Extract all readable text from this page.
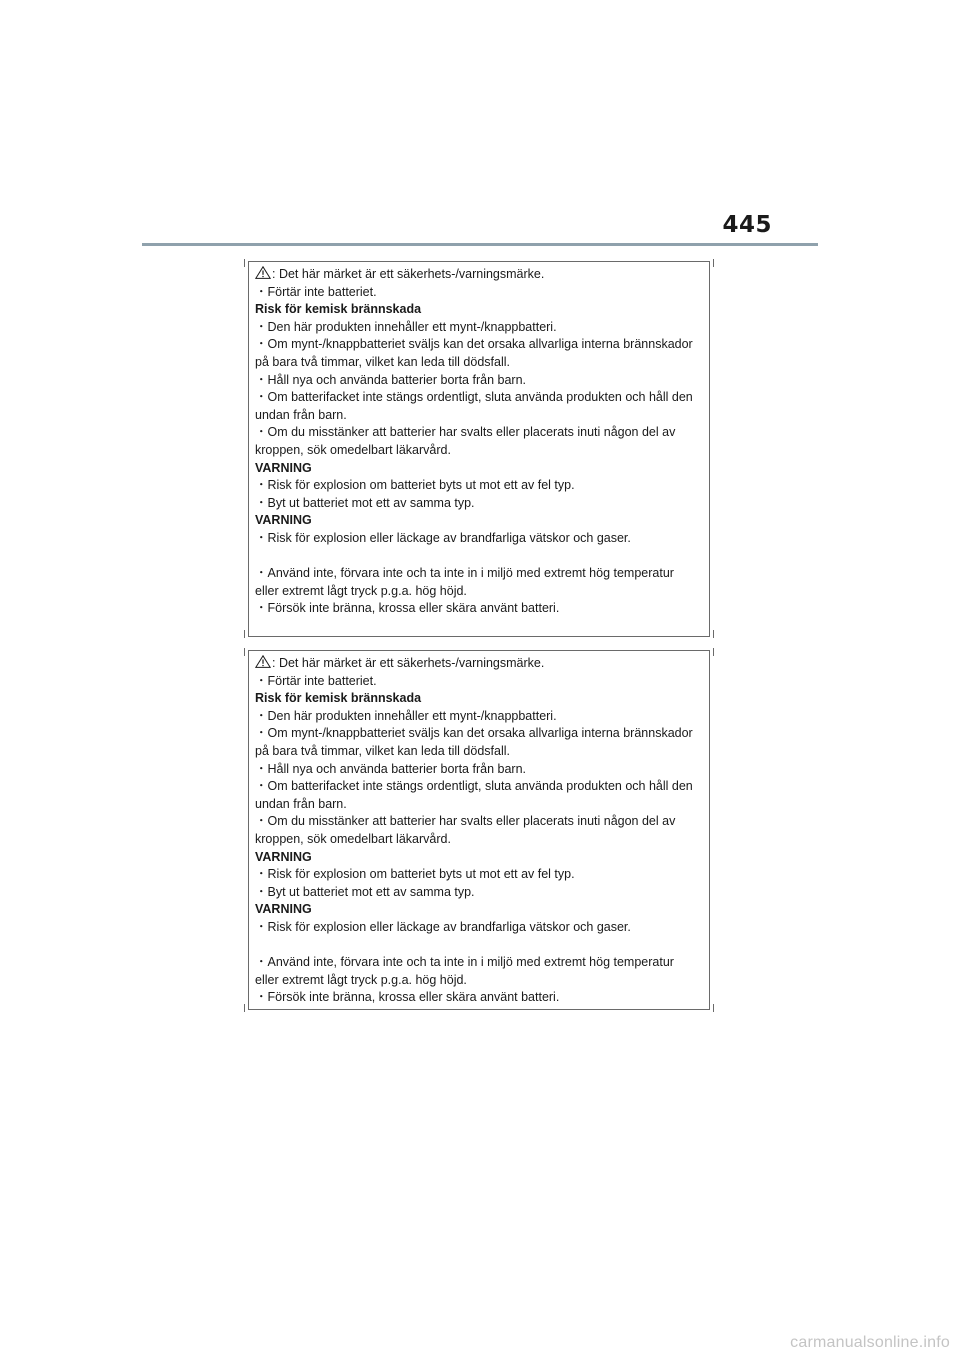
445
: Det här märket är ett säkerhets-/varningsmärke.
・Förtär inte batteriet.
Risk för kemisk brännskada
・Den här produkten innehåller ett mynt-/knappbatteri.
・Om mynt-/knappbatteriet sväljs kan det orsaka allvarliga interna brännskador
på bara två timmar, vilket kan leda till dödsfall.
・Håll nya och använda batterier borta från barn.
・Om batterifacket inte stängs ordentligt, sluta använda produkten och håll den
undan från barn.
・Om du misstänker att batterier har svalts eller placerats inuti någon del av
kroppen, sök omedelbart läkarvård.
VARNING
・Risk för explosion om batteriet byts ut mot ett av fel typ.
・Byt ut batteriet mot ett av samma typ.
VARNING
・Risk för explosion eller läckage av brandfarliga vätskor och gaser.
・Använd inte, förvara inte och ta inte in i miljö med extremt hög temperatur
eller extremt lågt tryck p.g.a. hög höjd.
・Försök inte bränna, krossa eller skära använt batteri.
: Det här märket är ett säkerhets-/varningsmärke.
・Förtär inte batteriet.
Risk för kemisk brännskada
・Den här produkten innehåller ett mynt-/knappbatteri.
・Om mynt-/knappbatteriet sväljs kan det orsaka allvarliga interna brännskador
på bara två timmar, vilket kan leda till dödsfall.
・Håll nya och använda batterier borta från barn.
・Om batterifacket inte stängs ordentligt, sluta använda produkten och håll den
undan från barn.
・Om du misstänker att batterier har svalts eller placerats inuti någon del av
kroppen, sök omedelbart läkarvård.
VARNING
・Risk för explosion om batteriet byts ut mot ett av fel typ.
・Byt ut batteriet mot ett av samma typ.
VARNING
・Risk för explosion eller läckage av brandfarliga vätskor och gaser.
・Använd inte, förvara inte och ta inte in i miljö med extremt hög temperatur
eller extremt lågt tryck p.g.a. hög höjd.
・Försök inte bränna, krossa eller skära använt batteri.
carmanualsonline.info
